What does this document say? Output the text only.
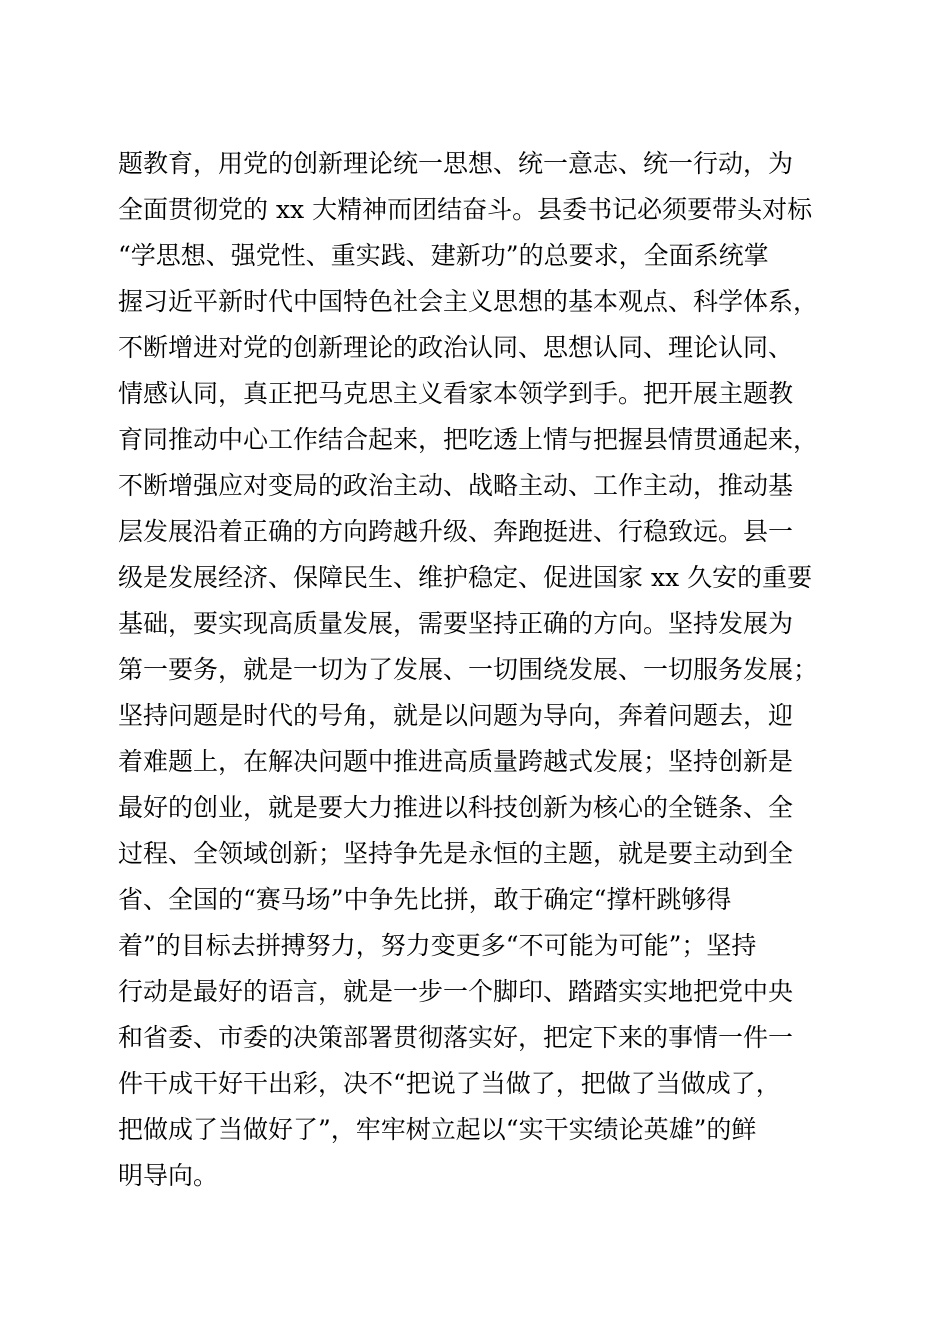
题教育，用党的创新理论统一思想、统一意志、统一行动，为
全面贯彻党的 xx 大精神而团结奋斗。县委书记必须要带头对标
“学思想、强党性、重实践、建新功”的总要求，全面系统掌
握习近平新时代中国特色社会主义思想的基本观点、科学体系，
不断增进对党的创新理论的政治认同、思想认同、理论认同、
情感认同，真正把马克思主义看家本领学到手。把开展主题教
育同推动中心工作结合起来，把吃透上情与把握县情贯通起来，
不断增强应对变局的政治主动、战略主动、工作主动，推动基
层发展沿着正确的方向跨越升级、奔跑挺进、行稳致远。县一
级是发展经济、保障民生、维护稳定、促进国家 xx 久安的重要
基础，要实现高质量发展，需要坚持正确的方向。坚持发展为
第一要务，就是一切为了发展、一切围绕发展、一切服务发展；
坚持问题是时代的号角，就是以问题为导向，奔着问题去，迎
着难题上，在解决问题中推进高质量跨越式发展；坚持创新是
最好的创业，就是要大力推进以科技创新为核心的全链条、全
过程、全领域创新；坚持争先是永恒的主题，就是要主动到全
省、全国的“赛马场”中争先比拼，敢于确定“撑杆跳够得
着”的目标去拼搏努力，努力变更多“不可能为可能”；坚持
行动是最好的语言，就是一步一个脚印、踏踏实实地把党中央
和省委、市委的决策部署贯彻落实好，把定下来的事情一件一
件干成干好干出彩，决不“把说了当做了，把做了当做成了，
把做成了当做好了”，牢牢树立起以“实干实绩论英雄”的鲜
明导向。
